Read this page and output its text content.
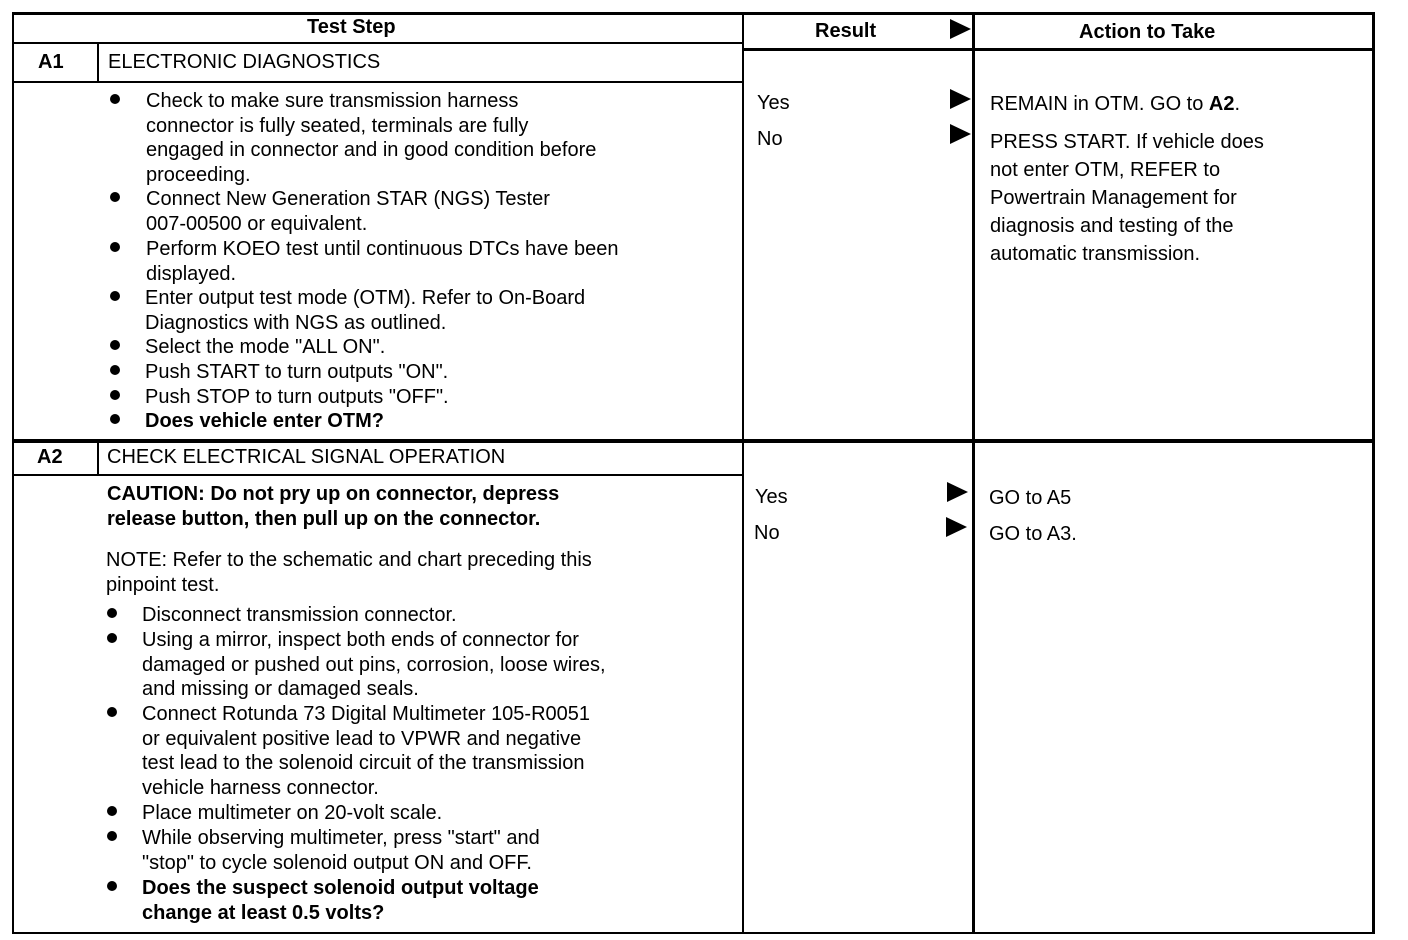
Test Step	Result	Action to Take
A1 ELECTRONIC DIAGNOSTICS
Check to make sure transmission harness
connector is fully seated, terminals are fully
engaged in connector and in good condition before
proceeding.
Connect New Generation STAR (NGS) Tester
007-00500 or equivalent.
Perform KOEO test until continuous DTCs have been
displayed.
Enter output test mode (OTM). Refer to On-Board
Diagnostics with NGS as outlined.
Select the mode "ALL ON".
Push START to turn outputs "ON".
Push STOP to turn outputs "OFF".
Does vehicle enter OTM?
Yes
No
REMAIN in OTM. GO to A2.
PRESS START. If vehicle does
not enter OTM, REFER to
Powertrain Management for
diagnosis and testing of the
automatic transmission.
A2 CHECK ELECTRICAL SIGNAL OPERATION
CAUTION: Do not pry up on connector, depress
release button, then pull up on the connector.
NOTE: Refer to the schematic and chart preceding this
pinpoint test.
Disconnect transmission connector.
Using a mirror, inspect both ends of connector for
damaged or pushed out pins, corrosion, loose wires,
and missing or damaged seals.
Connect Rotunda 73 Digital Multimeter 105-R0051
or equivalent positive lead to VPWR and negative
test lead to the solenoid circuit of the transmission
vehicle harness connector.
Place multimeter on 20-volt scale.
While observing multimeter, press "start" and
"stop" to cycle solenoid output ON and OFF.
Does the suspect solenoid output voltage
change at least 0.5 volts?
Yes
No
GO to A5
GO to A3.
